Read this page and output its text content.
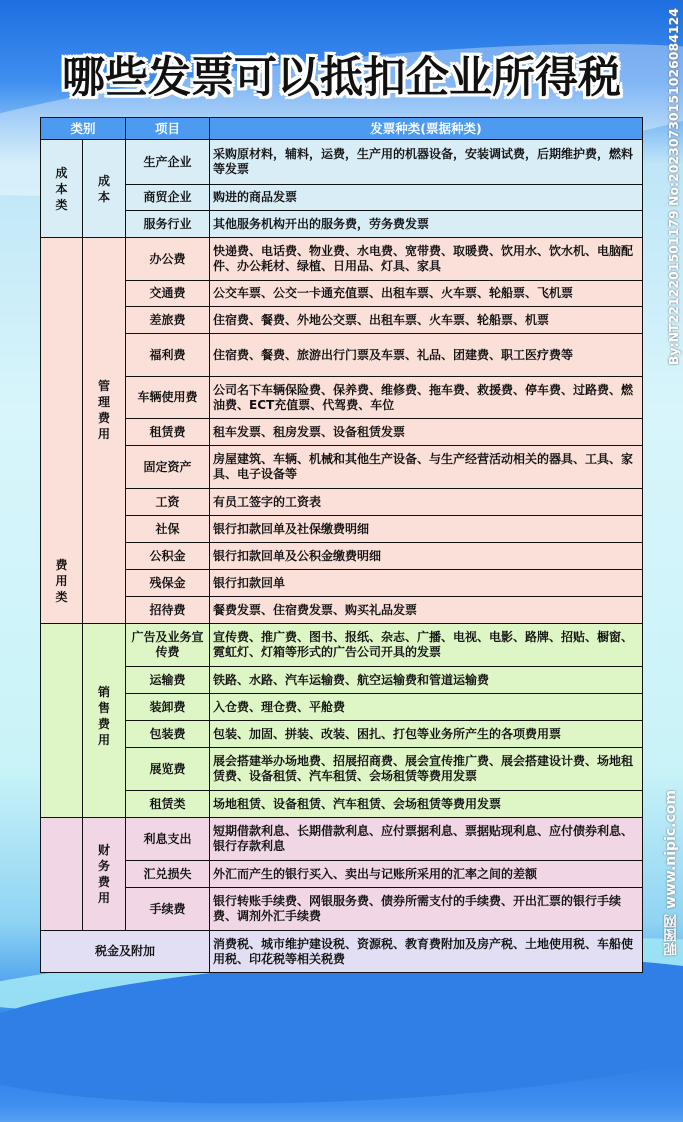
哪些发票可以抵扣企业所得税
类别		项目	发票种类(票据种类)
成本类	成本	生产企业	采购原材料，辅料，运费，生产用的机器设备，安装调试费，后期维护费，燃料等发票
		商贸企业	购进的商品发票
		服务行业	其他服务机构开出的服务费，劳务费发票
费用类	管理费用	办公费	快递费、电话费、物业费、水电费、宽带费、取暖费、饮用水、饮水机、电脑配件、办公耗材、绿植、日用品、灯具、家具
		交通费	公交车票、公交一卡通充值票、出租车票、火车票、轮船票、飞机票
		差旅费	住宿费、餐费、外地公交票、出租车票、火车票、轮船票、机票
		福利费	住宿费、餐费、旅游出行门票及车票、礼品、团建费、职工医疗费等
		车辆使用费	公司名下车辆保险费、保养费、维修费、拖车费、救援费、停车费、过路费、燃油费、ECT充值票、代驾费、车位
		租赁费	租车发票、租房发票、设备租赁发票
		固定资产	房屋建筑、车辆、机械和其他生产设备、与生产经营活动相关的器具、工具、家具、电子设备等
		工资	有员工签字的工资表
		社保	银行扣款回单及社保缴费明细
		公积金	银行扣款回单及公积金缴费明细
		残保金	银行扣款回单
		招待费	餐费发票、住宿费发票、购买礼品发票
	销售费用	广告及业务宣传费	宣传费、推广费、图书、报纸、杂志、广播、电视、电影、路牌、招贴、橱窗、霓虹灯、灯箱等形式的广告公司开具的发票
		运输费	铁路、水路、汽车运输费、航空运输费和管道运输费
		装卸费	入仓费、理仓费、平舱费
		包装费	包装、加固、拼装、改装、困扎、打包等业务所产生的各项费用票
		展览费	展会搭建举办场地费、招展招商费、展会宣传推广费、展会搭建设计费、场地租赁费、设备租赁、汽车租赁、会场租赁等费用发票
		租赁类	场地租赁、设备租赁、汽车租赁、会场租赁等费用发票
	财务费用	利息支出	短期借款利息、长期借款利息、应付票据利息、票据贴现利息、应付债券利息、银行存款利息
		汇兑损失	外汇而产生的银行买入、卖出与记账所采用的汇率之间的差额
		手续费	银行转账手续费、网银服务费、债券所需支付的手续费、开出汇票的银行手续费、调剂外汇手续费
税金及附加			消费税、城市维护建设税、资源税、教育费附加及房产税、土地使用税、车船使用税、印花税等相关税费
By:NT221220150117​9 No:20230730151026084124
昵图网 www.nipic.com
